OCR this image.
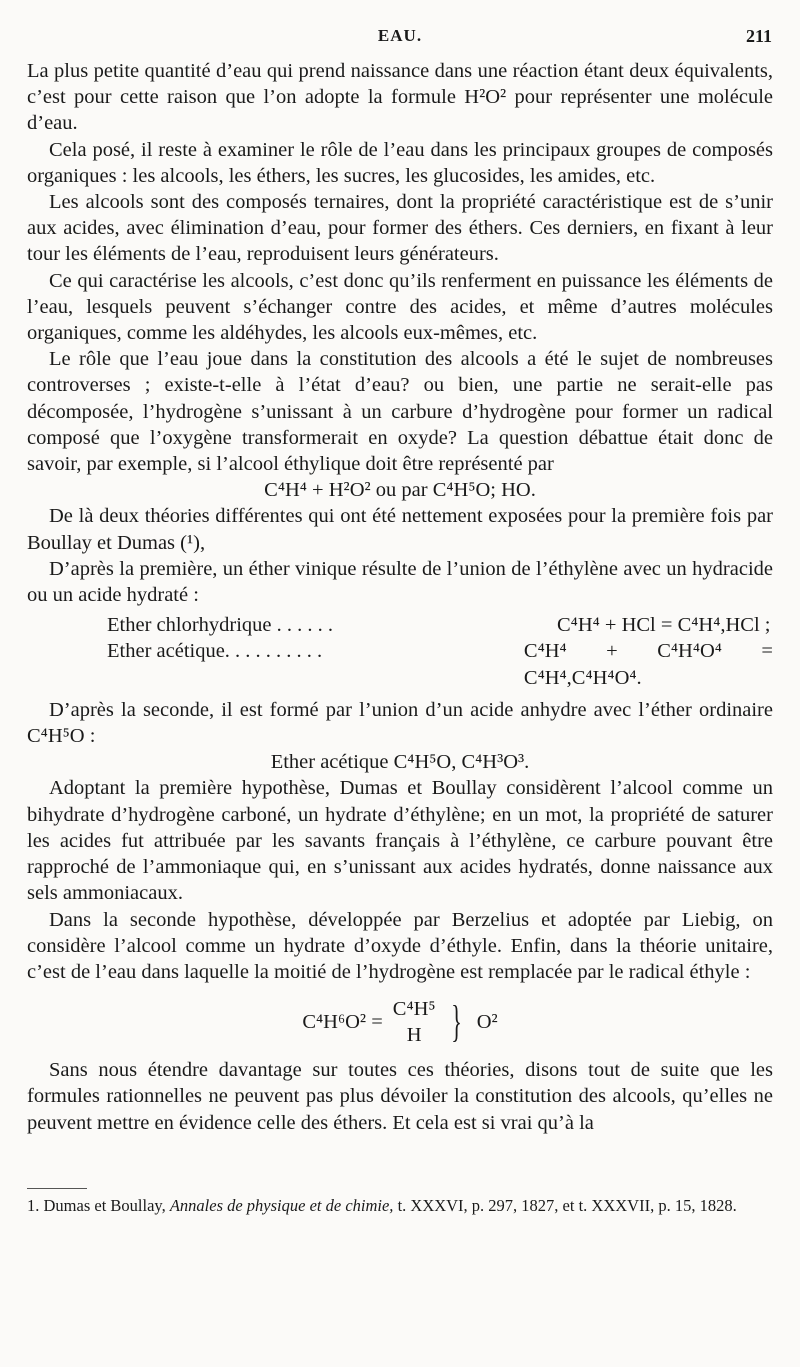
EAU.	211

La plus petite quantité d’eau qui prend naissance dans une réaction étant deux équivalents, c’est pour cette raison que l’on adopte la formule H²O² pour représenter une molécule d’eau.

Cela posé, il reste à examiner le rôle de l’eau dans les principaux groupes de composés organiques : les alcools, les éthers, les sucres, les glucosides, les amides, etc.

Les alcools sont des composés ternaires, dont la propriété caractéristique est de s’unir aux acides, avec élimination d’eau, pour former des éthers. Ces derniers, en fixant à leur tour les éléments de l’eau, reproduisent leurs générateurs.

Ce qui caractérise les alcools, c’est donc qu’ils renferment en puissance les éléments de l’eau, lesquels peuvent s’échanger contre des acides, et même d’autres molécules organiques, comme les aldéhydes, les alcools eux-mêmes, etc.

Le rôle que l’eau joue dans la constitution des alcools a été le sujet de nombreuses controverses ; existe-t-elle à l’état d’eau? ou bien, une partie ne serait-elle pas décomposée, l’hydrogène s’unissant à un carbure d’hydrogène pour former un radical composé que l’oxygène transformerait en oxyde? La question débattue était donc de savoir, par exemple, si l’alcool éthylique doit être représenté par

C⁴H⁴ + H²O² ou par C⁴H⁵O; HO.

De là deux théories différentes qui ont été nettement exposées pour la première fois par Boullay et Dumas (¹),

D’après la première, un éther vinique résulte de l’union de l’éthylène avec un hydracide ou un acide hydraté :

Ether chlorhydrique . . . . . .	C⁴H⁴ + HCl = C⁴H⁴,HCl ;
Ether acétique. . . . . . . . . .	C⁴H⁴ + C⁴H⁴O⁴ = C⁴H⁴,C⁴H⁴O⁴.

D’après la seconde, il est formé par l’union d’un acide anhydre avec l’éther ordinaire C⁴H⁵O :

Ether acétique C⁴H⁵O, C⁴H³O³.

Adoptant la première hypothèse, Dumas et Boullay considèrent l’alcool comme un bihydrate d’hydrogène carboné, un hydrate d’éthylène; en un mot, la propriété de saturer les acides fut attribuée par les savants français à l’éthylène, ce carbure pouvant être rapproché de l’ammoniaque qui, en s’unissant aux acides hydratés, donne naissance aux sels ammoniacaux.

Dans la seconde hypothèse, développée par Berzelius et adoptée par Liebig, on considère l’alcool comme un hydrate d’oxyde d’éthyle. Enfin, dans la théorie unitaire, c’est de l’eau dans laquelle la moitié de l’hydrogène est remplacée par le radical éthyle :

C⁴H⁶O² =
C⁴H⁵
H } O²

Sans nous étendre davantage sur toutes ces théories, disons tout de suite que les formules rationnelles ne peuvent pas plus dévoiler la constitution des alcools, qu’elles ne peuvent mettre en évidence celle des éthers. Et cela est si vrai qu’à la

1. Dumas et Boullay, Annales de physique et de chimie, t. XXXVI, p. 297, 1827, et t. XXXVII, p. 15, 1828.
